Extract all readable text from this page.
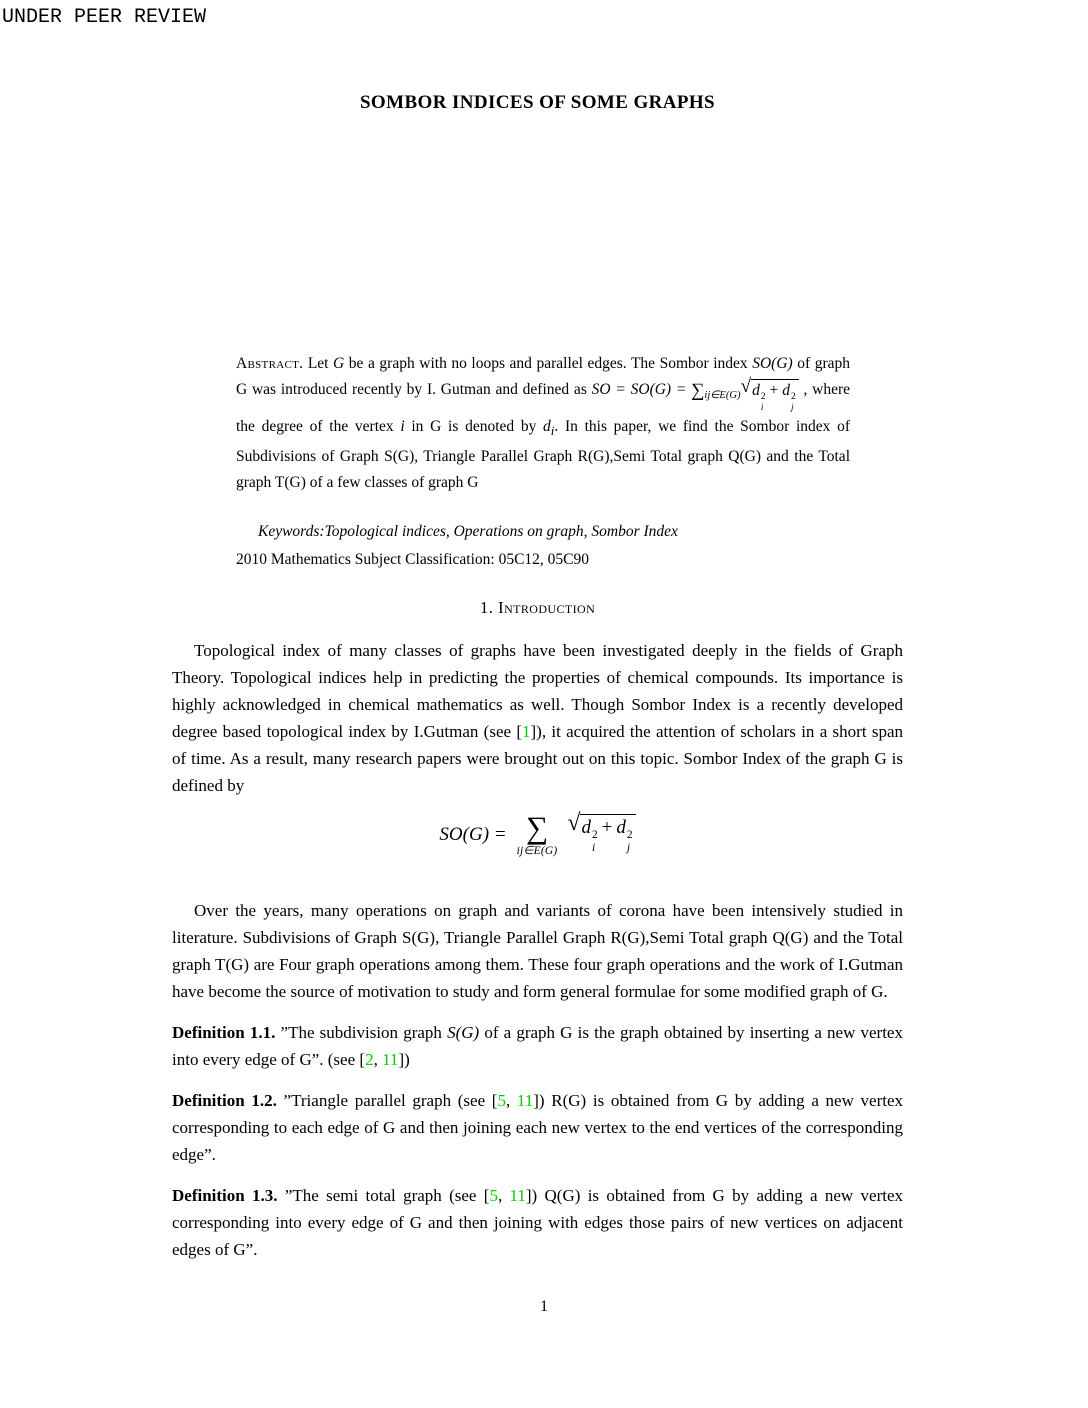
UNDER PEER REVIEW
SOMBOR INDICES OF SOME GRAPHS

Abstract. Let G be a graph with no loops and parallel edges. The Sombor index SO(G) of graph G was introduced recently by I. Gutman and defined as SO = $SO(G) = \sum_{ij\in E(G)}$ √ d 2
i
+ d 2
j
, where the degree of the vertex i in G is denoted by $d_i$. In this paper, we find the Sombor index of Subdivisions of Graph S(G), Triangle Parallel Graph R(G),Semi Total graph Q(G) and the Total graph T(G) of a few classes of graph G

Keywords:Topological indices, Operations on graph, Sombor Index

2010 Mathematics Subject Classification: 05C12, 05C90

1. Introduction

Topological index of many classes of graphs have been investigated deeply in the fields of Graph Theory. Topological indices help in predicting the properties of chemical compounds. Its importance is highly acknowledged in chemical mathematics as well. Though Sombor Index is a recently developed degree based topological index by I.Gutman (see [1]), it acquired the attention of scholars in a short span of time. As a result, many research papers were brought out on this topic. Sombor Index of the graph G is defined by

SO(G) = ∑
ij∈E(G)
√ d 2
i
+ d 2
j

Over the years, many operations on graph and variants of corona have been intensively studied in literature. Subdivisions of Graph S(G), Triangle Parallel Graph R(G),Semi Total graph Q(G) and the Total graph T(G) are Four graph operations among them. These four graph operations and the work of I.Gutman have become the source of motivation to study and form general formulae for some modified graph of G.

Definition 1.1. ”The subdivision graph S(G) of a graph G is the graph obtained by inserting a new vertex into every edge of G”. (see [2, 11])

Definition 1.2. ”Triangle parallel graph (see [5, 11]) R(G) is obtained from G by adding a new vertex corresponding to each edge of G and then joining each new vertex to the end vertices of the corresponding edge”.

Definition 1.3. ”The semi total graph (see [5, 11]) Q(G) is obtained from G by adding a new vertex corresponding into every edge of G and then joining with edges those pairs of new vertices on adjacent edges of G”.

1
